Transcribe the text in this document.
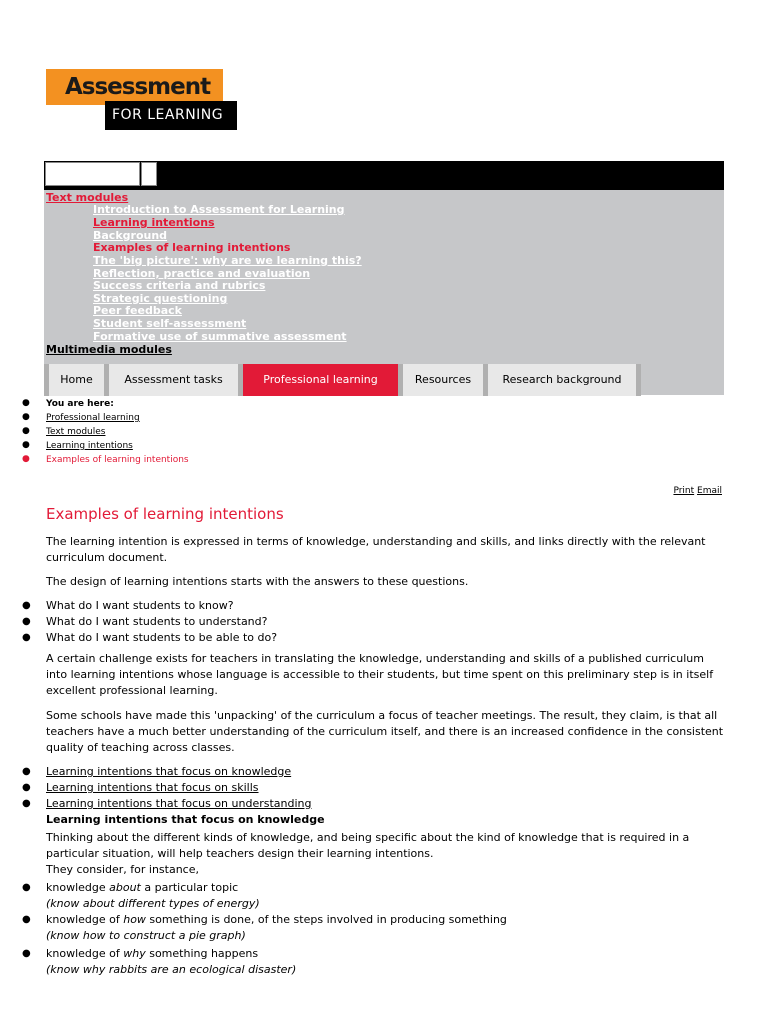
Assessment
FOR LEARNING
Text modules
Introduction to Assessment for Learning
Learning intentions
Background
Examples of learning intentions
The 'big picture': why are we learning this?
Reflection, practice and evaluation
Success criteria and rubrics
Strategic questioning
Peer feedback
Student self-assessment
Formative use of summative assessment
Multimedia modules
Home	Assessment tasks	Professional learning	Resources	Research background
● You are here:
● Professional learning
● Text modules
● Learning intentions
● Examples of learning intentions
Print Email
Examples of learning intentions

The learning intention is expressed in terms of knowledge, understanding and skills, and links directly with the relevant curriculum document.

The design of learning intentions starts with the answers to these questions.

● What do I want students to know?
● What do I want students to understand?
● What do I want students to be able to do?

A certain challenge exists for teachers in translating the knowledge, understanding and skills of a published curriculum into learning intentions whose language is accessible to their students, but time spent on this preliminary step is in itself excellent professional learning.

Some schools have made this 'unpacking' of the curriculum a focus of teacher meetings. The result, they claim, is that all teachers have a much better understanding of the curriculum itself, and there is an increased confidence in the consistent quality of teaching across classes.

● Learning intentions that focus on knowledge
● Learning intentions that focus on skills
● Learning intentions that focus on understanding
Learning intentions that focus on knowledge

Thinking about the different kinds of knowledge, and being specific about the kind of knowledge that is required in a particular situation, will help teachers design their learning intentions.

They consider, for instance,
● knowledge about a particular topic
(know about different types of energy)
● knowledge of how something is done, of the steps involved in producing something
(know how to construct a pie graph)
● knowledge of why something happens
(know why rabbits are an ecological disaster)
